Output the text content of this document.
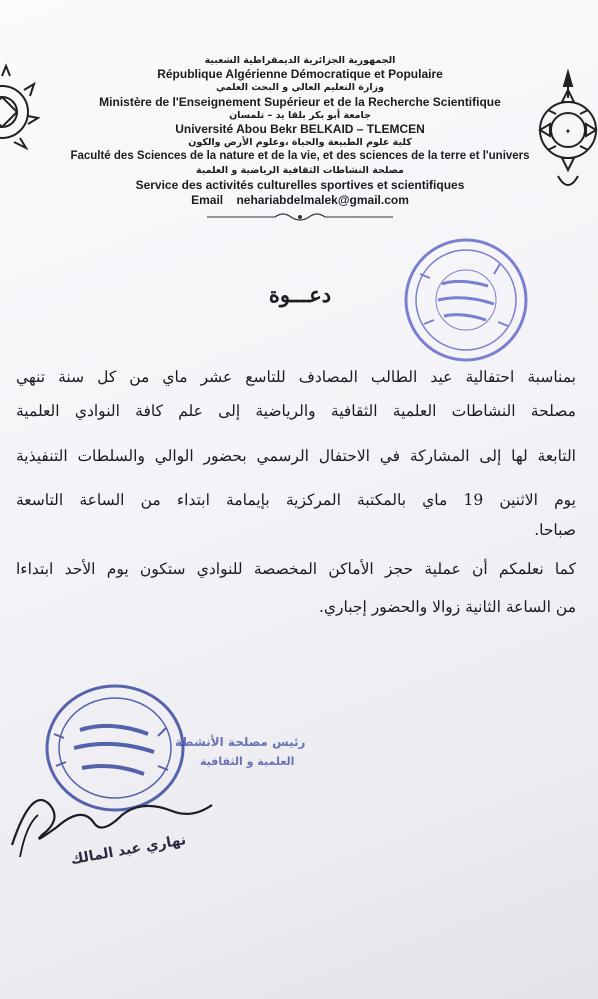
✦
الجمهورية الجزائرية الديمقراطية الشعبية
République Algérienne Démocratique et Populaire
وزارة التعليم العالي و البحث العلمي
Ministère de l'Enseignement Supérieur et de la Recherche Scientifique
جامعة أبو بكر بلقا يد – تلمسان
Université Abou Bekr BELKAID – TLEMCEN
كلية علوم الطبيعة والحياة ،وعلوم الأرض والكون
Faculté des Sciences de la nature et de la vie, et des sciences de la terre et l'univers
مصلحة النشاطات الثقافية الرياضية و العلمية
Service des activités culturelles sportives et scientifiques
Email nehariabdelmalek@gmail.com
دعـــوة
بمناسبة احتفالية عيد الطالب المصادف للتاسع عشر ماي من كل سنة تنهي
مصلحة النشاطات العلمية الثقافية والرياضية إلى علم كافة النوادي العلمية
التابعة لها إلى المشاركة في الاحتفال الرسمي بحضور الوالي والسلطات التنفيذية
يوم الاثنين 19 ماي بالمكتبة المركزية بإيمامة ابتداء من الساعة التاسعة
صباحا.
كما نعلمكم أن عملية حجز الأماكن المخصصة للنوادي ستكون يوم الأحد ابتداءا
من الساعة الثانية زوالا والحضور إجباري.
رئيس مصلحة الأنشطة
العلمية و الثقافية
نهاري عبد المالك
